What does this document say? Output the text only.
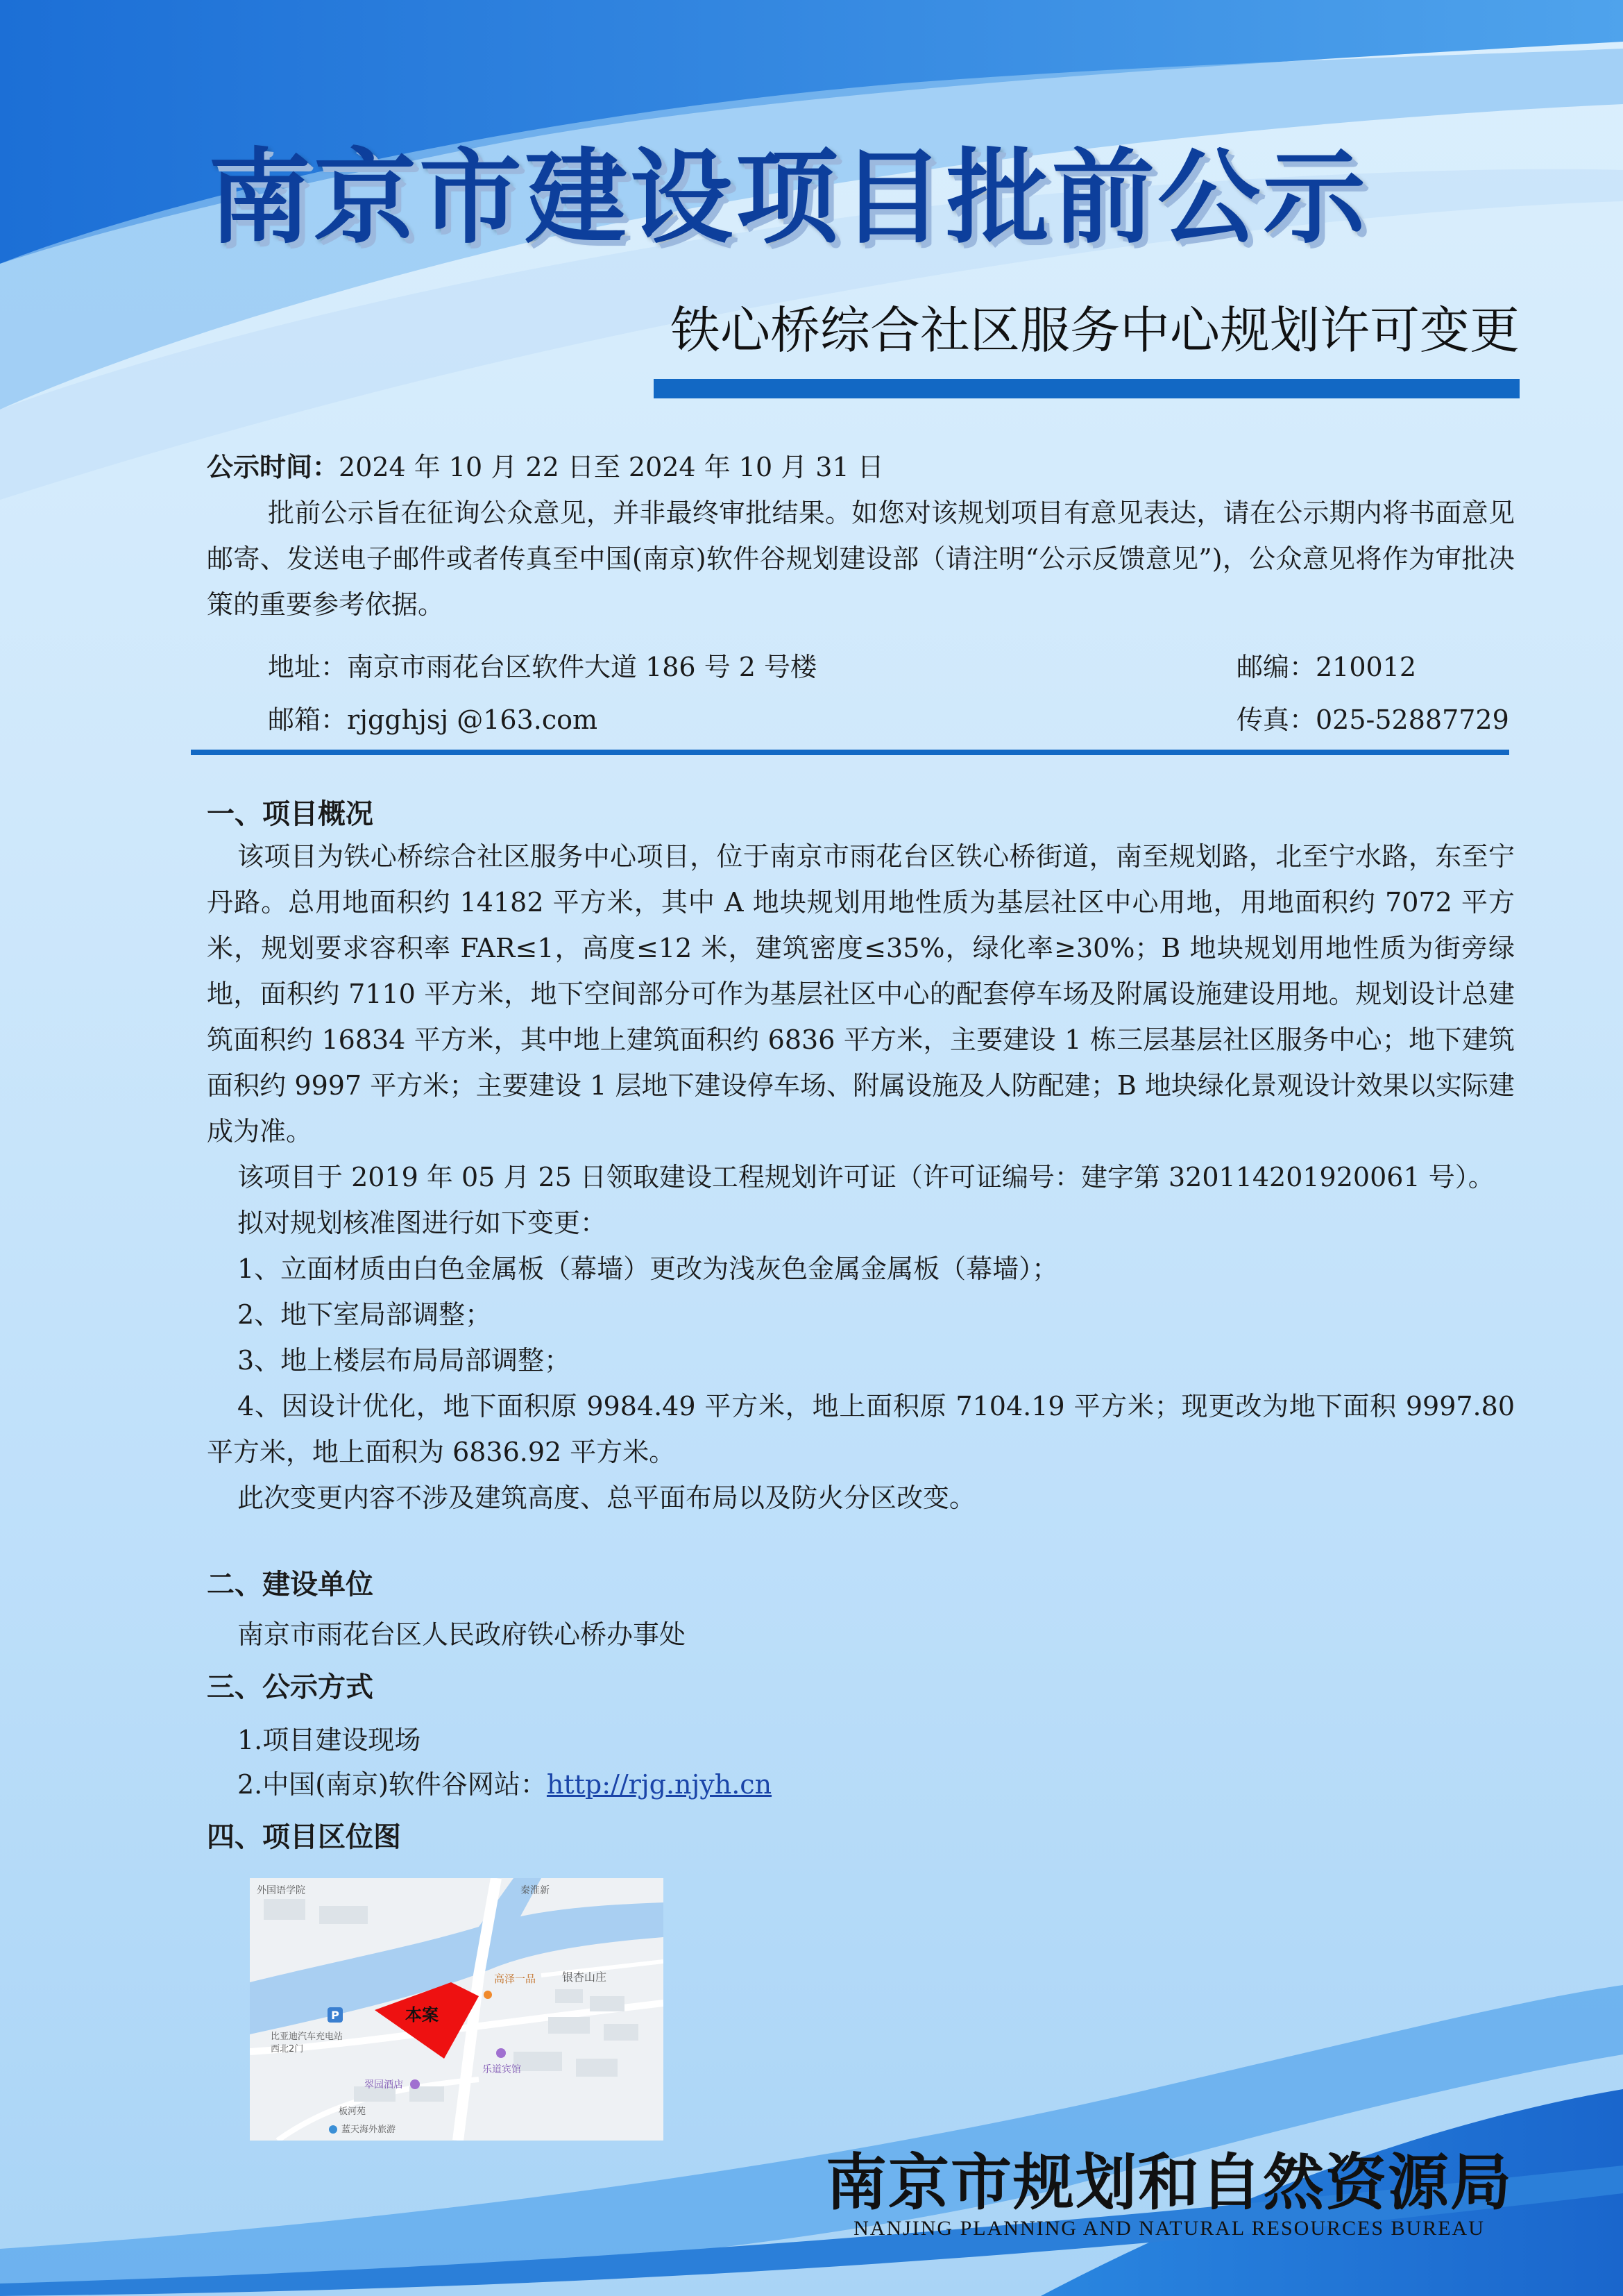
南京市建设项目批前公示
铁心桥综合社区服务中心规划许可变更
公示时间：2024 年 10 月 22 日至 2024 年 10 月 31 日
批前公示旨在征询公众意见，并非最终审批结果。如您对该规划项目有意见表达，请在公示期内将书面意见邮寄、发送电子邮件或者传真至中国(南京)软件谷规划建设部（请注明“公示反馈意见”)，公众意见将作为审批决策的重要参考依据。
地址：南京市雨花台区软件大道 186 号 2 号楼	邮编：210012
邮箱：rjgghjsj @163.com	传真：025-52887729
一、项目概况

该项目为铁心桥综合社区服务中心项目，位于南京市雨花台区铁心桥街道，南至规划路，北至宁水路，东至宁丹路。总用地面积约 14182 平方米，其中 A 地块规划用地性质为基层社区中心用地，用地面积约 7072 平方米，规划要求容积率 FAR≤1，高度≤12 米，建筑密度≤35%，绿化率≥30%；B 地块规划用地性质为街旁绿地，面积约 7110 平方米，地下空间部分可作为基层社区中心的配套停车场及附属设施建设用地。规划设计总建筑面积约 16834 平方米，其中地上建筑面积约 6836 平方米，主要建设 1 栋三层基层社区服务中心；地下建筑面积约 9997 平方米；主要建设 1 层地下建设停车场、附属设施及人防配建；B 地块绿化景观设计效果以实际建成为准。

该项目于 2019 年 05 月 25 日领取建设工程规划许可证（许可证编号：建字第 320114201920061 号）。

拟对规划核准图进行如下变更：

1、立面材质由白色金属板（幕墙）更改为浅灰色金属金属板（幕墙）；

2、地下室局部调整；

3、地上楼层布局局部调整；

4、因设计优化，地下面积原 9984.49 平方米，地上面积原 7104.19 平方米；现更改为地下面积 9997.80 平方米，地上面积为 6836.92 平方米。

此次变更内容不涉及建筑高度、总平面布局以及防火分区改变。

二、建设单位
南京市雨花台区人民政府铁心桥办事处
三、公示方式
1.项目建设现场
2.中国(南京)软件谷网站：http://rjg.njyh.cn
四、项目区位图
P	本案
外国语学院	秦淮新
高泽一品 银杏山庄
比亚迪汽车充电站
西北2门
乐道宾馆
翠园酒店
板河苑
蓝天海外旅游
南京市规划和自然资源局
NANJING PLANNING AND NATURAL RESOURCES BUREAU
